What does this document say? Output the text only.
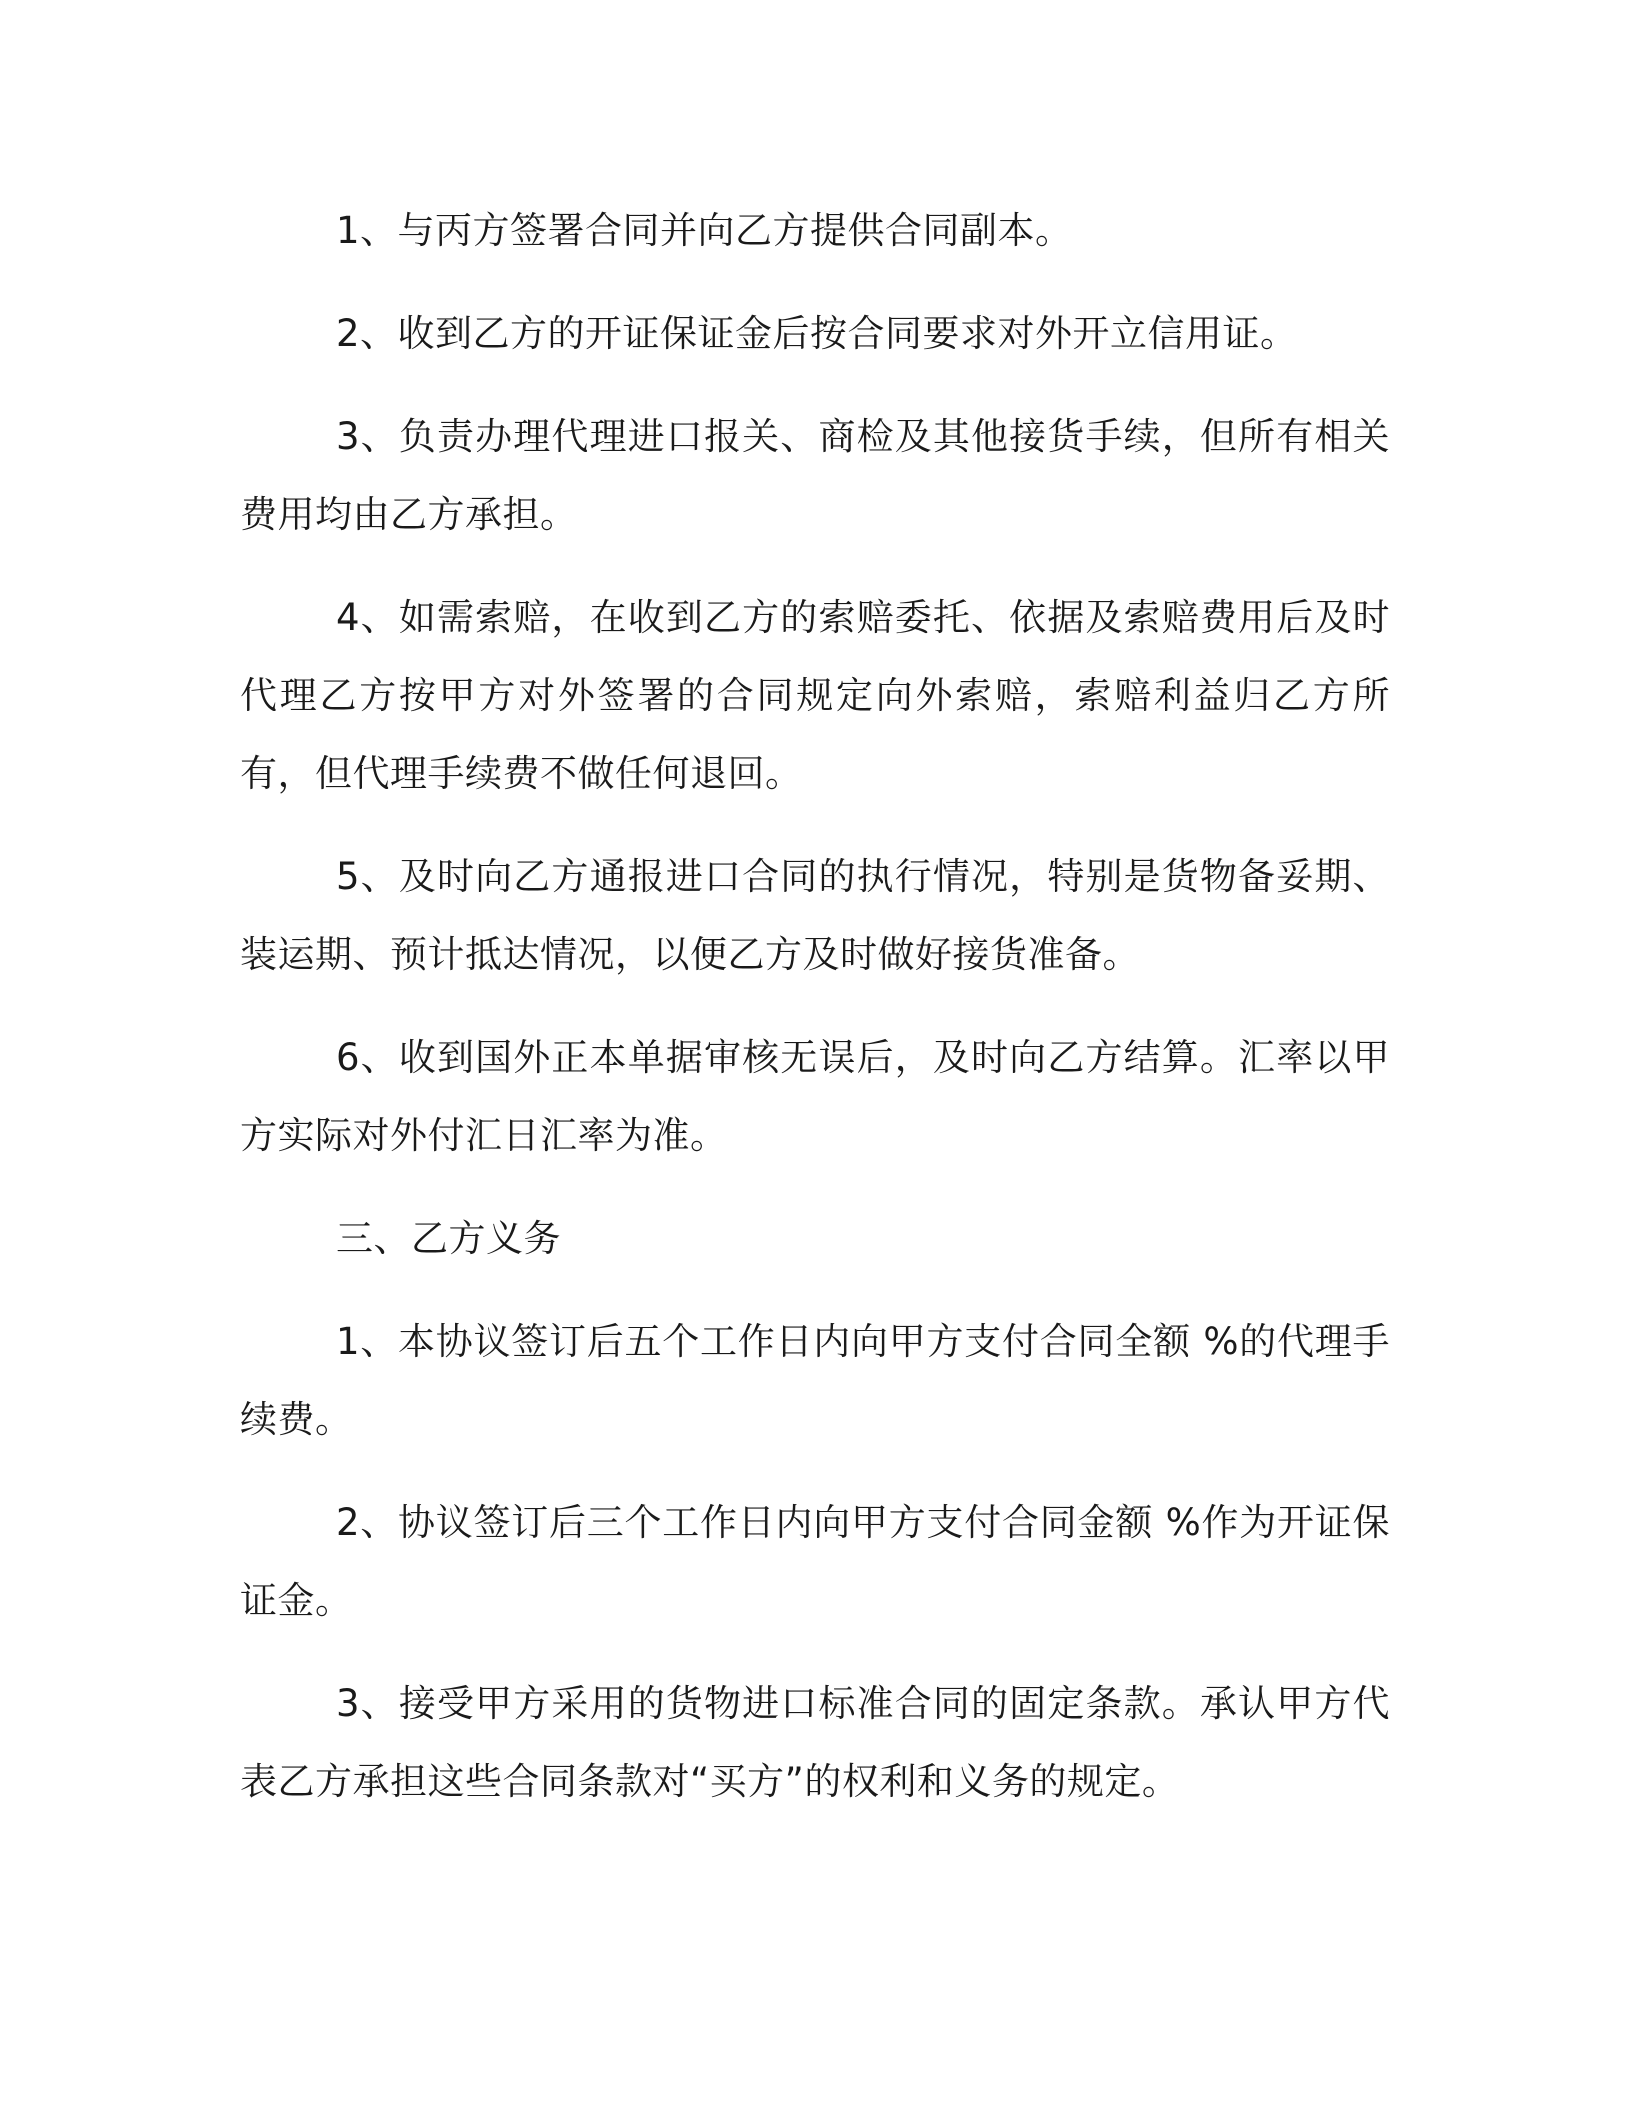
1、与丙方签署合同并向乙方提供合同副本。

2、收到乙方的开证保证金后按合同要求对外开立信用证。

3、负责办理代理进口报关、商检及其他接货手续，但所有相关费用均由乙方承担。

4、如需索赔，在收到乙方的索赔委托、依据及索赔费用后及时代理乙方按甲方对外签署的合同规定向外索赔，索赔利益归乙方所有，但代理手续费不做任何退回。

5、及时向乙方通报进口合同的执行情况，特别是货物备妥期、装运期、预计抵达情况，以便乙方及时做好接货准备。

6、收到国外正本单据审核无误后，及时向乙方结算。汇率以甲方实际对外付汇日汇率为准。

三、乙方义务

1、本协议签订后五个工作日内向甲方支付合同全额 %的代理手续费。

2、协议签订后三个工作日内向甲方支付合同金额 %作为开证保证金。

3、接受甲方采用的货物进口标准合同的固定条款。承认甲方代表乙方承担这些合同条款对“买方”的权利和义务的规定。
